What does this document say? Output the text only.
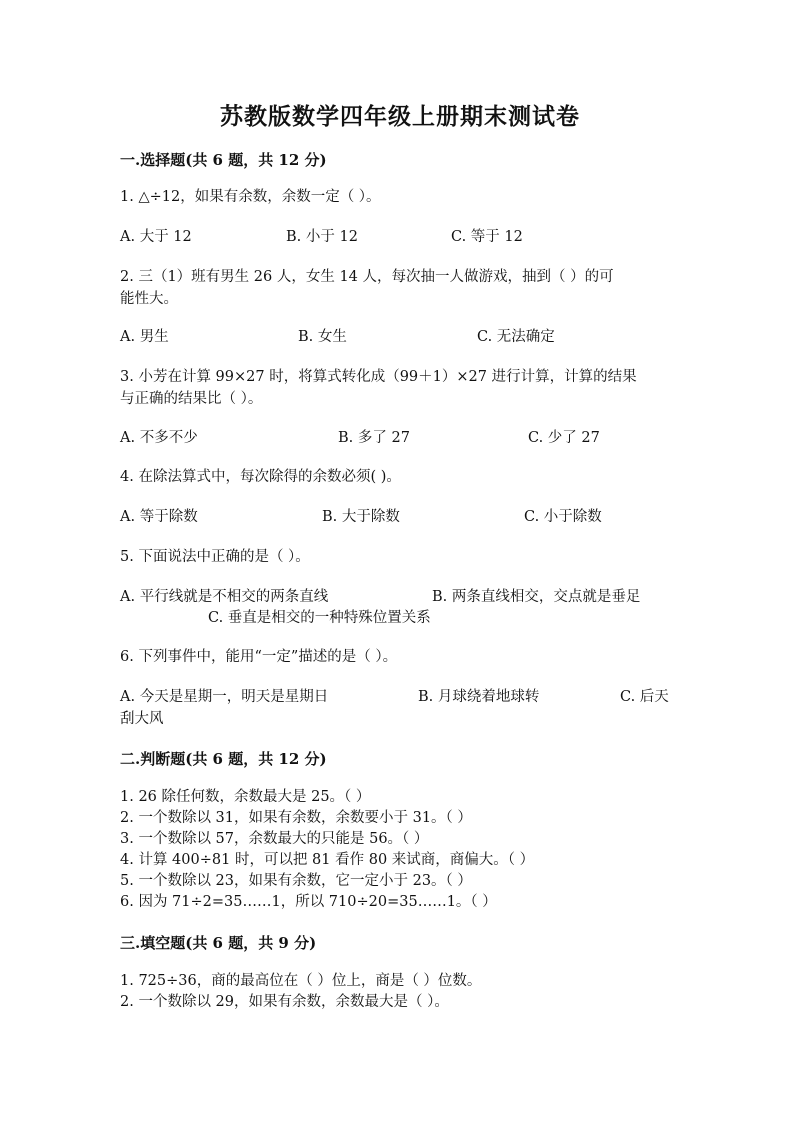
苏教版数学四年级上册期末测试卷
一.选择题(共 6 题，共 12 分)
1. △÷12，如果有余数，余数一定（ ）。
A. 大于 12	B. 小于 12	C. 等于 12
2. 三（1）班有男生 26 人，女生 14 人，每次抽一人做游戏，抽到（ ）的可
能性大。
A. 男生	B. 女生	C. 无法确定
3. 小芳在计算 99×27 时，将算式转化成（99＋1）×27 进行计算，计算的结果
与正确的结果比（ ）。
A. 不多不少	B. 多了 27	C. 少了 27
4. 在除法算式中，每次除得的余数必须( )。
A. 等于除数	B. 大于除数	C. 小于除数
5. 下面说法中正确的是（ ）。
A. 平行线就是不相交的两条直线	B. 两条直线相交，交点就是垂足
C. 垂直是相交的一种特殊位置关系
6. 下列事件中，能用“一定”描述的是（ ）。
A. 今天是星期一，明天是星期日	B. 月球绕着地球转	C. 后天
刮大风
二.判断题(共 6 题，共 12 分)
1. 26 除任何数，余数最大是 25。（ ）
2. 一个数除以 31，如果有余数，余数要小于 31。（ ）
3. 一个数除以 57，余数最大的只能是 56。（ ）
4. 计算 400÷81 时，可以把 81 看作 80 来试商，商偏大。（ ）
5. 一个数除以 23，如果有余数，它一定小于 23。（ ）
6. 因为 71÷2=35……1，所以 710÷20=35……1。（ ）
三.填空题(共 6 题，共 9 分)
1. 725÷36，商的最高位在（ ）位上，商是（ ）位数。
2. 一个数除以 29，如果有余数，余数最大是（ ）。
